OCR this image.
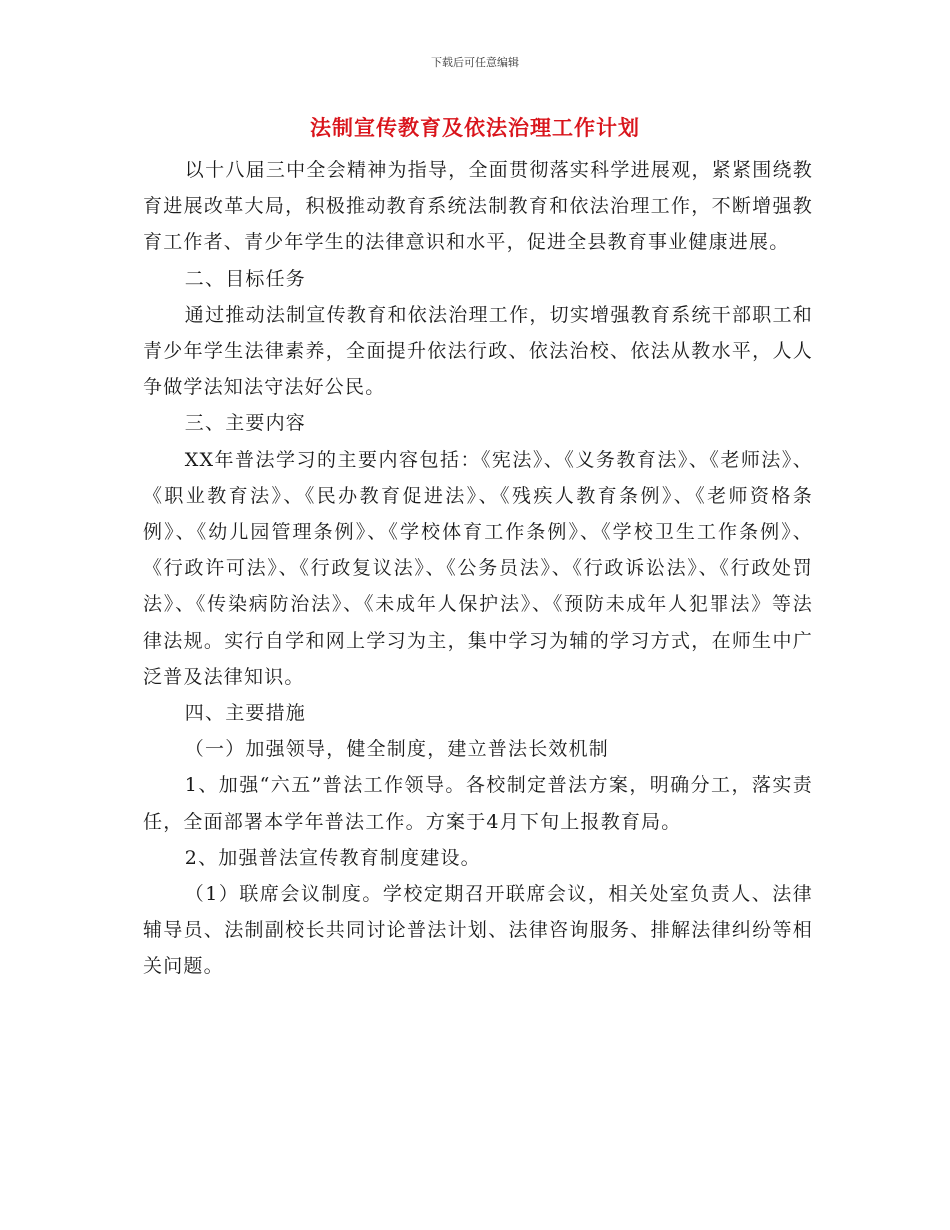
下载后可任意编辑
法制宣传教育及依法治理工作计划

以十八届三中全会精神为指导，全面贯彻落实科学进展观，紧紧围绕教育进展改革大局，积极推动教育系统法制教育和依法治理工作，不断增强教育工作者、青少年学生的法律意识和水平，促进全县教育事业健康进展。

二、目标任务

通过推动法制宣传教育和依法治理工作，切实增强教育系统干部职工和青少年学生法律素养，全面提升依法行政、依法治校、依法从教水平，人人争做学法知法守法好公民。

三、主要内容

XX年普法学习的主要内容包括：《宪法》、《义务教育法》、《老师法》、《职业教育法》、《民办教育促进法》、《残疾人教育条例》、《老师资格条例》、《幼儿园管理条例》、《学校体育工作条例》、《学校卫生工作条例》、《行政许可法》、《行政复议法》、《公务员法》、《行政诉讼法》、《行政处罚法》、《传染病防治法》、《未成年人保护法》、《预防未成年人犯罪法》等法律法规。实行自学和网上学习为主，集中学习为辅的学习方式，在师生中广泛普及法律知识。

四、主要措施

（一）加强领导，健全制度，建立普法长效机制

1、加强“六五”普法工作领导。各校制定普法方案，明确分工，落实责任，全面部署本学年普法工作。方案于4月下旬上报教育局。

2、加强普法宣传教育制度建设。

（1）联席会议制度。学校定期召开联席会议，相关处室负责人、法律辅导员、法制副校长共同讨论普法计划、法律咨询服务、排解法律纠纷等相关问题。
